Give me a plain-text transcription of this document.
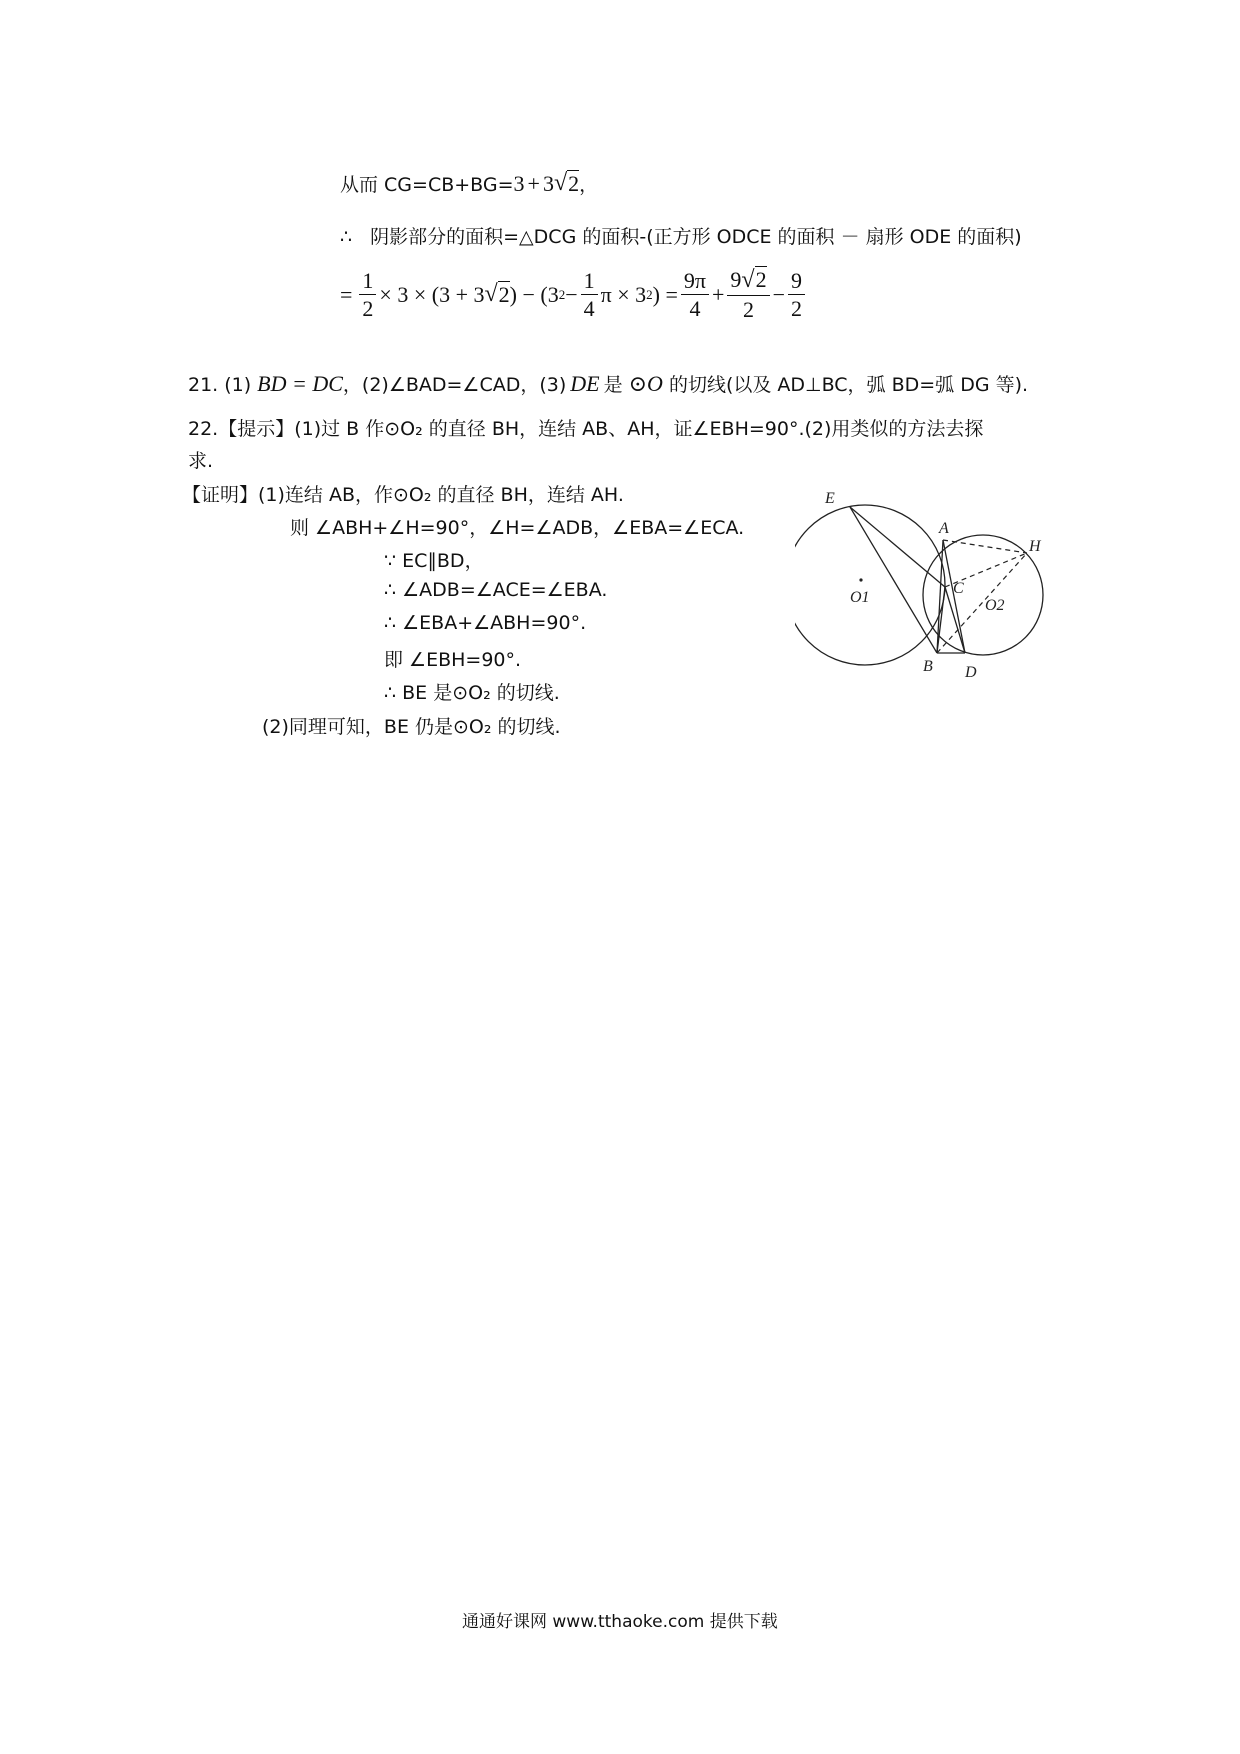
从而 CG=CB+BG= 3 + 3 √ 2 ，
∴ 阴影部分的面积=△DCG 的面积-(正方形 ODCE 的面积 － 扇形 ODE 的面积)
= $\frac{1}{2} \times 3 \times (3 + 3$ √ 2 ) − (3 $2 - \frac{1}{4}$ π × 3 2 ) = $\frac{9\pi}{4} + \frac{9√2}{2} - \frac{9}{2}$
21. (1) BD = DC ，(2)∠BAD=∠CAD，(3) DE 是 ⊙O 的切线(以及 AD⊥BC，弧 BD=弧 DG 等).
22.【提示】(1)过 B 作⊙O₂ 的直径 BH，连结 AB、AH，证∠EBH=90°.(2)用类似的方法去探
求.
【证明】(1)连结 AB，作⊙O₂ 的直径 BH，连结 AH.
则 ∠ABH+∠H=90°，∠H=∠ADB，∠EBA=∠ECA.
∵ EC∥BD，
∴ ∠ADB=∠ACE=∠EBA.
∴ ∠EBA+∠ABH=90°.
即 ∠EBH=90°.
∴ BE 是⊙O₂ 的切线.
(2)同理可知，BE 仍是⊙O₂ 的切线.
E
A
H
C
O1	O2
B D
通通好课网 www.tthaoke.com 提供下载
